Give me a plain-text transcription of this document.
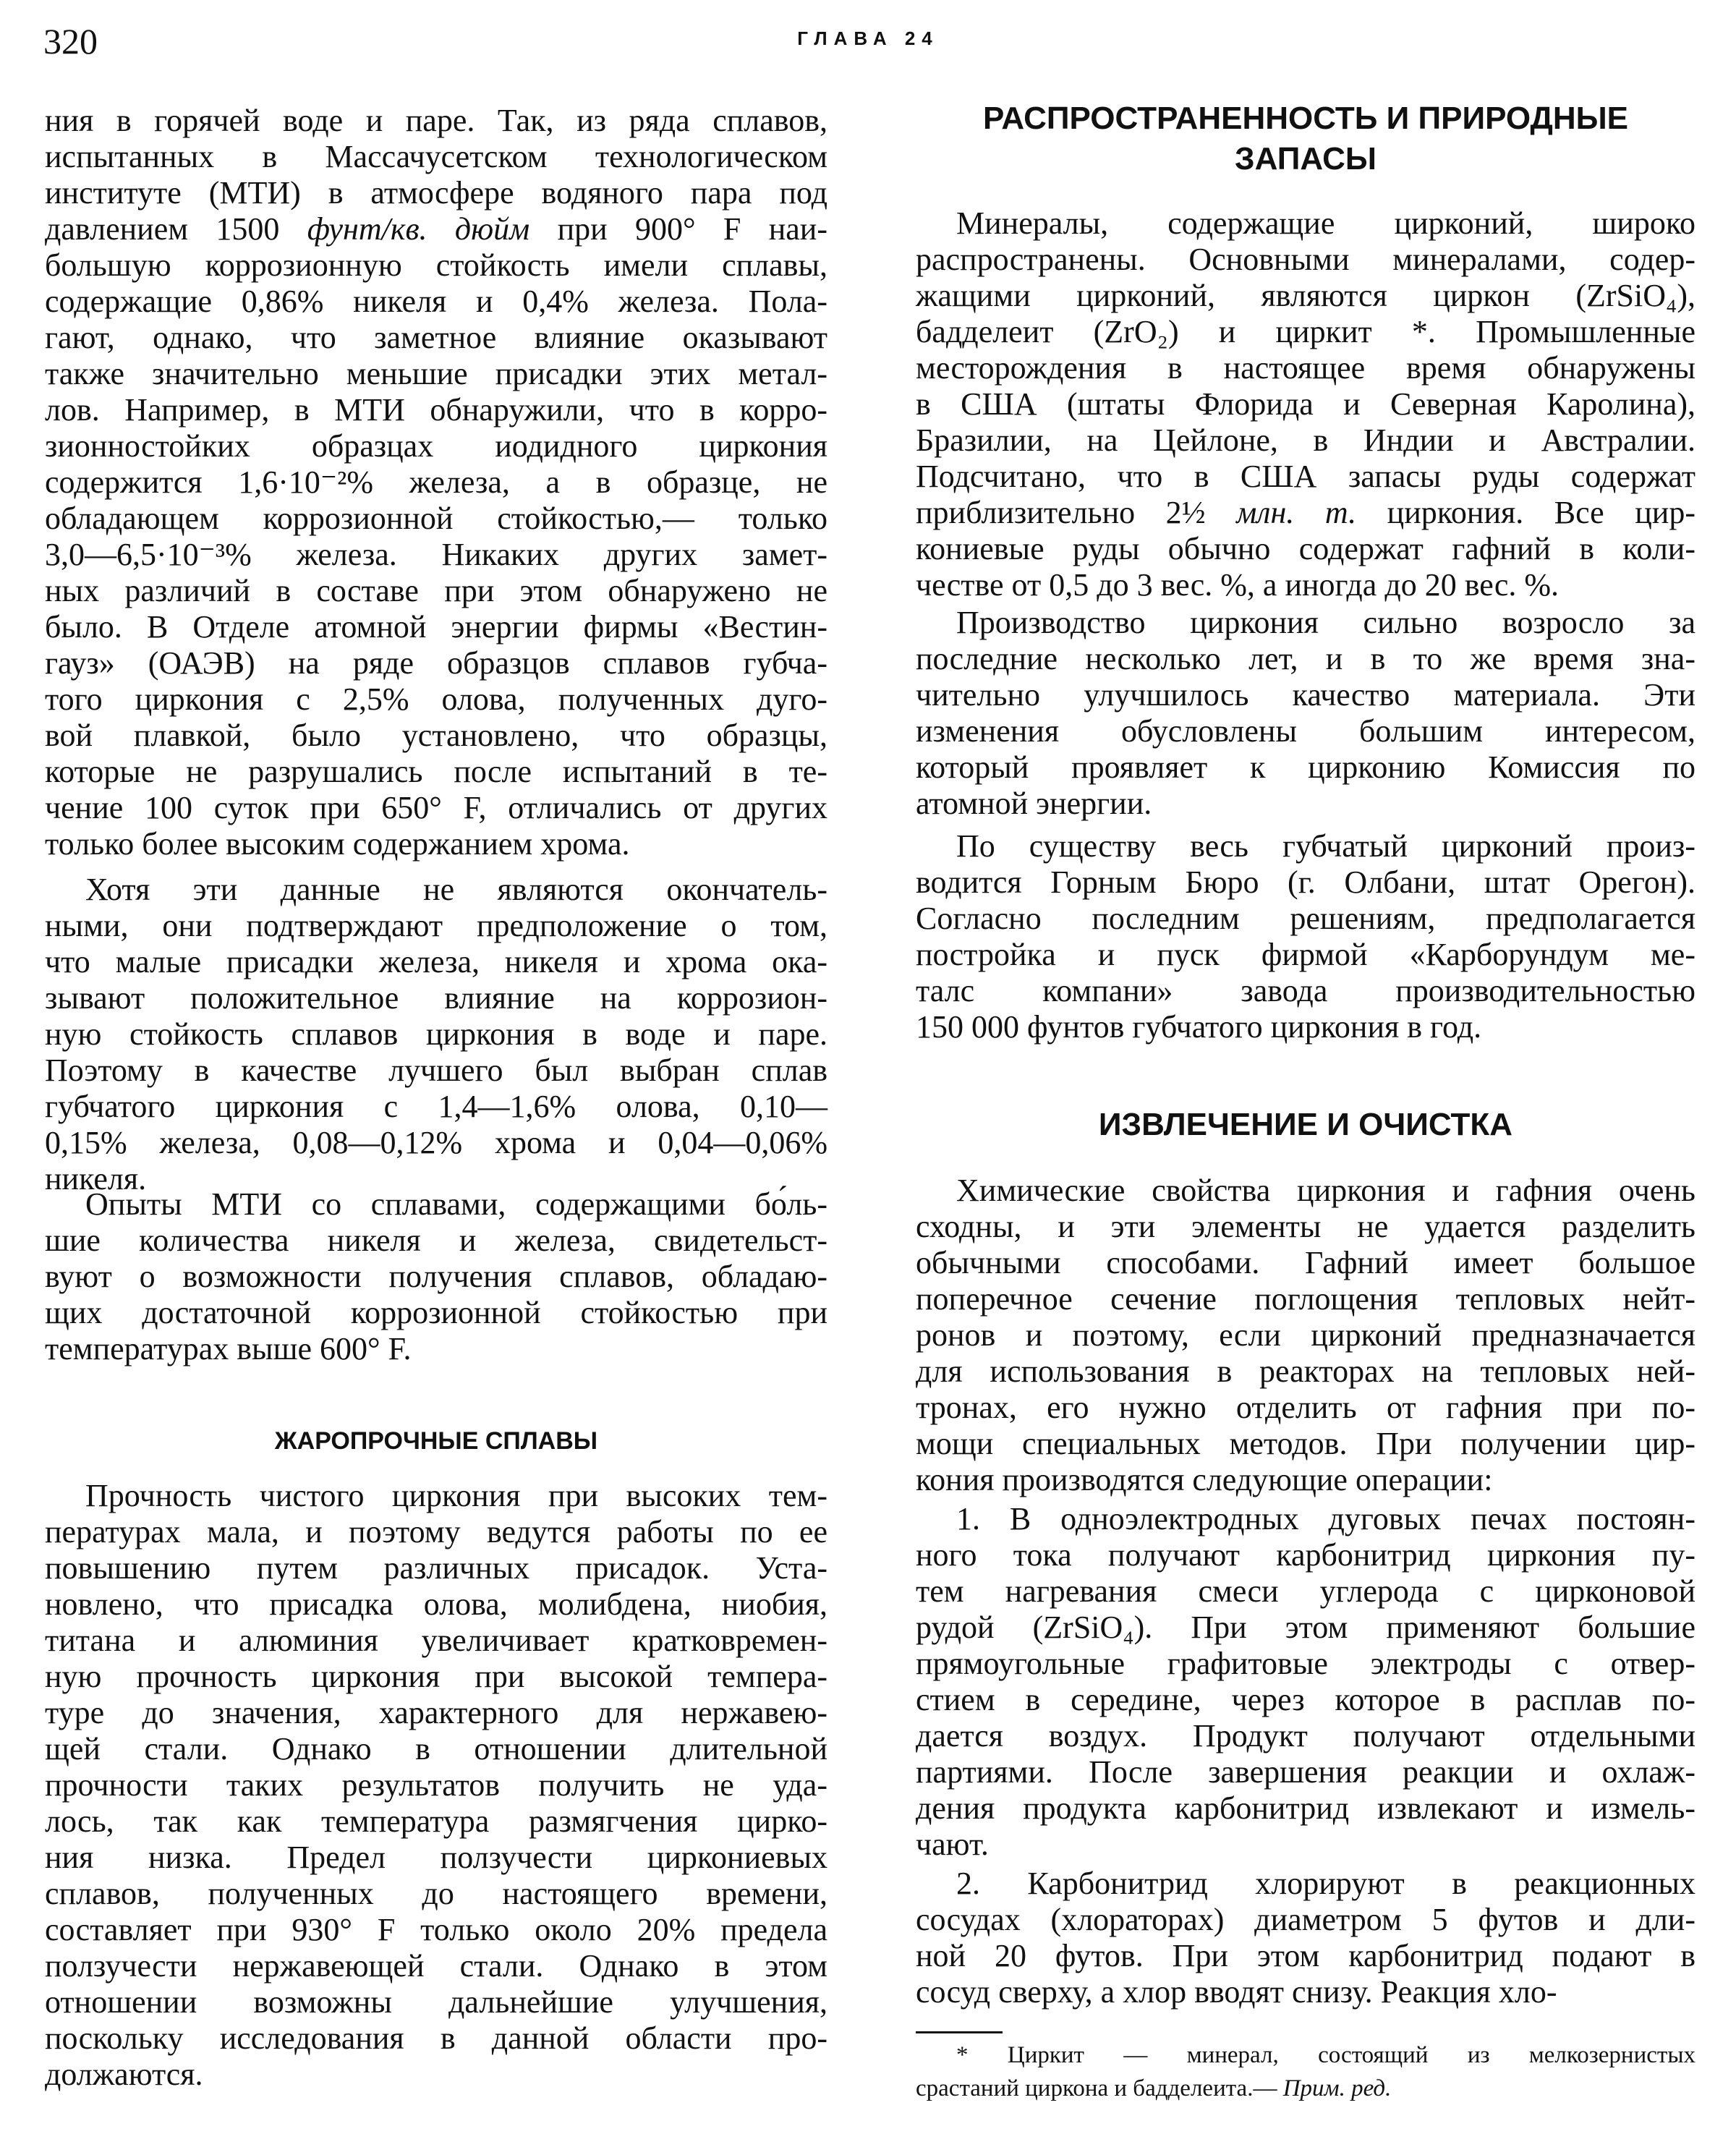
320	ГЛАВА 24
ния в горячей воде и паре. Так, из ряда сплавов,
испытанных в Массачусетском технологическом
институте (МТИ) в атмосфере водяного пара под
давлением 1500 фунт/кв. дюйм при 900° F наи-
большую коррозионную стойкость имели сплавы,
содержащие 0,86% никеля и 0,4% железа. Пола-
гают, однако, что заметное влияние оказывают
также значительно меньшие присадки этих метал-
лов. Например, в МТИ обнаружили, что в корро-
зионностойких образцах иодидного циркония
содержится 1,6·10⁻²% железа, а в образце, не
обладающем коррозионной стойкостью,— только
3,0—6,5·10⁻³% железа. Никаких других замет-
ных различий в составе при этом обнаружено не
было. В Отделе атомной энергии фирмы «Вестин-
гауз» (ОАЭВ) на ряде образцов сплавов губча-
того циркония с 2,5% олова, полученных дуго-
вой плавкой, было установлено, что образцы,
которые не разрушались после испытаний в те-
чение 100 суток при 650° F, отличались от других
только более высоким содержанием хрома.
Хотя эти данные не являются окончатель-
ными, они подтверждают предположение о том,
что малые присадки железа, никеля и хрома ока-
зывают положительное влияние на коррозион-
ную стойкость сплавов циркония в воде и паре.
Поэтому в качестве лучшего был выбран сплав
губчатого циркония с 1,4—1,6% олова, 0,10—
0,15% железа, 0,08—0,12% хрома и 0,04—0,06%
никеля.
Опыты МТИ со сплавами, содержащими бо́ль-
шие количества никеля и железа, свидетельст-
вуют о возможности получения сплавов, обладаю-
щих достаточной коррозионной стойкостью при
температурах выше 600° F.
ЖАРОПРОЧНЫЕ СПЛАВЫ
Прочность чистого циркония при высоких тем-
пературах мала, и поэтому ведутся работы по ее
повышению путем различных присадок. Уста-
новлено, что присадка олова, молибдена, ниобия,
титана и алюминия увеличивает кратковремен-
ную прочность циркония при высокой темпера-
туре до значения, характерного для нержавею-
щей стали. Однако в отношении длительной
прочности таких результатов получить не уда-
лось, так как температура размягчения цирко-
ния низка. Предел ползучести циркониевых
сплавов, полученных до настоящего времени,
составляет при 930° F только около 20% предела
ползучести нержавеющей стали. Однако в этом
отношении возможны дальнейшие улучшения,
поскольку исследования в данной области про-
должаются.
РАСПРОСТРАНЕННОСТЬ И ПРИРОДНЫЕ
ЗАПАСЫ
Минералы, содержащие цирконий, широко
распространены. Основными минералами, содер-
жащими цирконий, являются циркон (ZrSiO₄),
бадделеит (ZrO₂) и циркит *. Промышленные
месторождения в настоящее время обнаружены
в США (штаты Флорида и Северная Каролина),
Бразилии, на Цейлоне, в Индии и Австралии.
Подсчитано, что в США запасы руды содержат
приблизительно 2½ млн. т. циркония. Все цир-
кониевые руды обычно содержат гафний в коли-
честве от 0,5 до 3 вес. %, а иногда до 20 вес. %.
Производство циркония сильно возросло за
последние несколько лет, и в то же время зна-
чительно улучшилось качество материала. Эти
изменения обусловлены большим интересом,
который проявляет к цирконию Комиссия по
атомной энергии.
По существу весь губчатый цирконий произ-
водится Горным Бюро (г. Олбани, штат Орегон).
Согласно последним решениям, предполагается
постройка и пуск фирмой «Карборундум ме-
талс компани» завода производительностью
150 000 фунтов губчатого циркония в год.
ИЗВЛЕЧЕНИЕ И ОЧИСТКА
Химические свойства циркония и гафния очень
сходны, и эти элементы не удается разделить
обычными способами. Гафний имеет большое
поперечное сечение поглощения тепловых нейт-
ронов и поэтому, если цирконий предназначается
для использования в реакторах на тепловых ней-
тронах, его нужно отделить от гафния при по-
мощи специальных методов. При получении цир-
кония производятся следующие операции:
1. В одноэлектродных дуговых печах постоян-
ного тока получают карбонитрид циркония пу-
тем нагревания смеси углерода с цирконовой
рудой (ZrSiO₄). При этом применяют большие
прямоугольные графитовые электроды с отвер-
стием в середине, через которое в расплав по-
дается воздух. Продукт получают отдельными
партиями. После завершения реакции и охлаж-
дения продукта карбонитрид извлекают и измель-
чают.
2. Карбонитрид хлорируют в реакционных
сосудах (хлораторах) диаметром 5 футов и дли-
ной 20 футов. При этом карбонитрид подают в
сосуд сверху, а хлор вводят снизу. Реакция хло-
* Циркит — минерал, состоящий из мелкозернистых
срастаний циркона и бадделеита.— Прим. ред.
